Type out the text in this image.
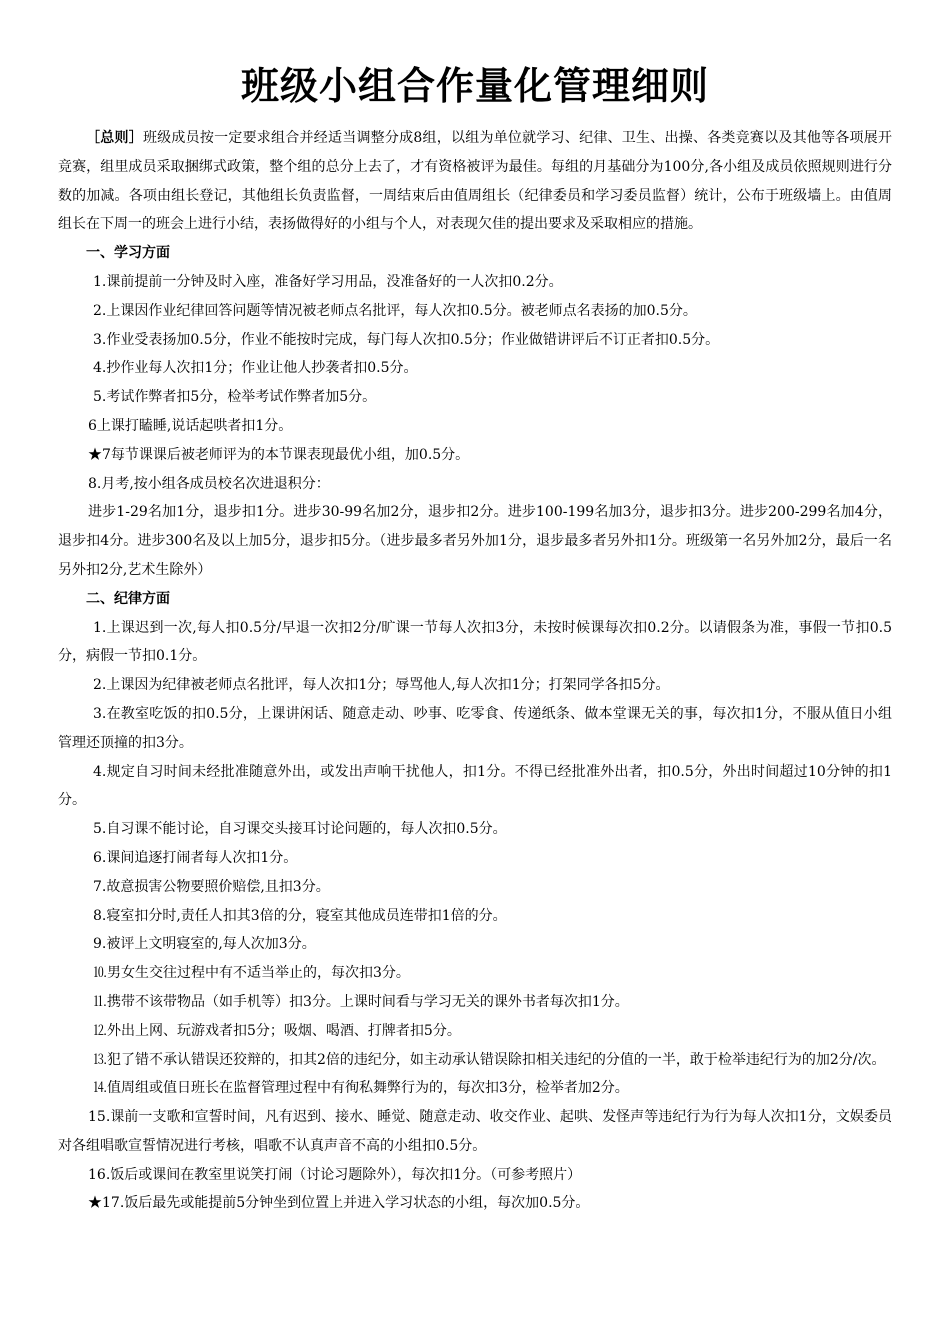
班级小组合作量化管理细则

［总则］班级成员按一定要求组合并经适当调整分成8组，以组为单位就学习、纪律、卫生、出操、各类竞赛以及其他等各项展开竞赛，组里成员采取捆绑式政策，整个组的总分上去了，才有资格被评为最佳。每组的月基础分为100分,各小组及成员依照规则进行分数的加减。各项由组长登记，其他组长负责监督，一周结束后由值周组长（纪律委员和学习委员监督）统计，公布于班级墙上。由值周组长在下周一的班会上进行小结，表扬做得好的小组与个人，对表现欠佳的提出要求及采取相应的措施。

一、学习方面

1.课前提前一分钟及时入座，准备好学习用品，没准备好的一人次扣0.2分。

2.上课因作业纪律回答问题等情况被老师点名批评，每人次扣0.5分。被老师点名表扬的加0.5分。

3.作业受表扬加0.5分，作业不能按时完成，每门每人次扣0.5分；作业做错讲评后不订正者扣0.5分。

4.抄作业每人次扣1分；作业让他人抄袭者扣0.5分。

5.考试作弊者扣5分，检举考试作弊者加5分。

6上课打瞌睡,说话起哄者扣1分。

★7每节课课后被老师评为的本节课表现最优小组，加0.5分。

8.月考,按小组各成员校名次进退积分：

进步1-29名加1分，退步扣1分。进步30-99名加2分，退步扣2分。进步100-199名加3分，退步扣3分。进步200-299名加4分，退步扣4分。进步300名及以上加5分，退步扣5分。（进步最多者另外加1分，退步最多者另外扣1分。班级第一名另外加2分，最后一名另外扣2分,艺术生除外）

二、纪律方面

1.上课迟到一次,每人扣0.5分/早退一次扣2分/旷课一节每人次扣3分，未按时候课每次扣0.2分。以请假条为准，事假一节扣0.5分，病假一节扣0.1分。

2.上课因为纪律被老师点名批评，每人次扣1分；辱骂他人,每人次扣1分；打架同学各扣5分。

3.在教室吃饭的扣0.5分，上课讲闲话、随意走动、吵事、吃零食、传递纸条、做本堂课无关的事，每次扣1分，不服从值日小组管理还顶撞的扣3分。

4.规定自习时间未经批准随意外出，或发出声响干扰他人，扣1分。不得已经批准外出者，扣0.5分，外出时间超过10分钟的扣1分。

5.自习课不能讨论，自习课交头接耳讨论问题的，每人次扣0.5分。

6.课间追逐打闹者每人次扣1分。

7.故意损害公物要照价赔偿,且扣3分。

8.寝室扣分时,责任人扣其3倍的分，寝室其他成员连带扣1倍的分。

9.被评上文明寝室的,每人次加3分。

⒑男女生交往过程中有不适当举止的，每次扣3分。

⒒携带不该带物品（如手机等）扣3分。上课时间看与学习无关的课外书者每次扣1分。

⒓外出上网、玩游戏者扣5分；吸烟、喝酒、打牌者扣5分。

⒔犯了错不承认错误还狡辩的，扣其2倍的违纪分，如主动承认错误除扣相关违纪的分值的一半，敢于检举违纪行为的加2分/次。

⒕值周组或值日班长在监督管理过程中有徇私舞弊行为的，每次扣3分，检举者加2分。

15.课前一支歌和宣誓时间，凡有迟到、接水、睡觉、随意走动、收交作业、起哄、发怪声等违纪行为行为每人次扣1分，文娱委员对各组唱歌宣誓情况进行考核，唱歌不认真声音不高的小组扣0.5分。

16.饭后或课间在教室里说笑打闹（讨论习题除外），每次扣1分。（可参考照片）

★17.饭后最先或能提前5分钟坐到位置上并进入学习状态的小组，每次加0.5分。
